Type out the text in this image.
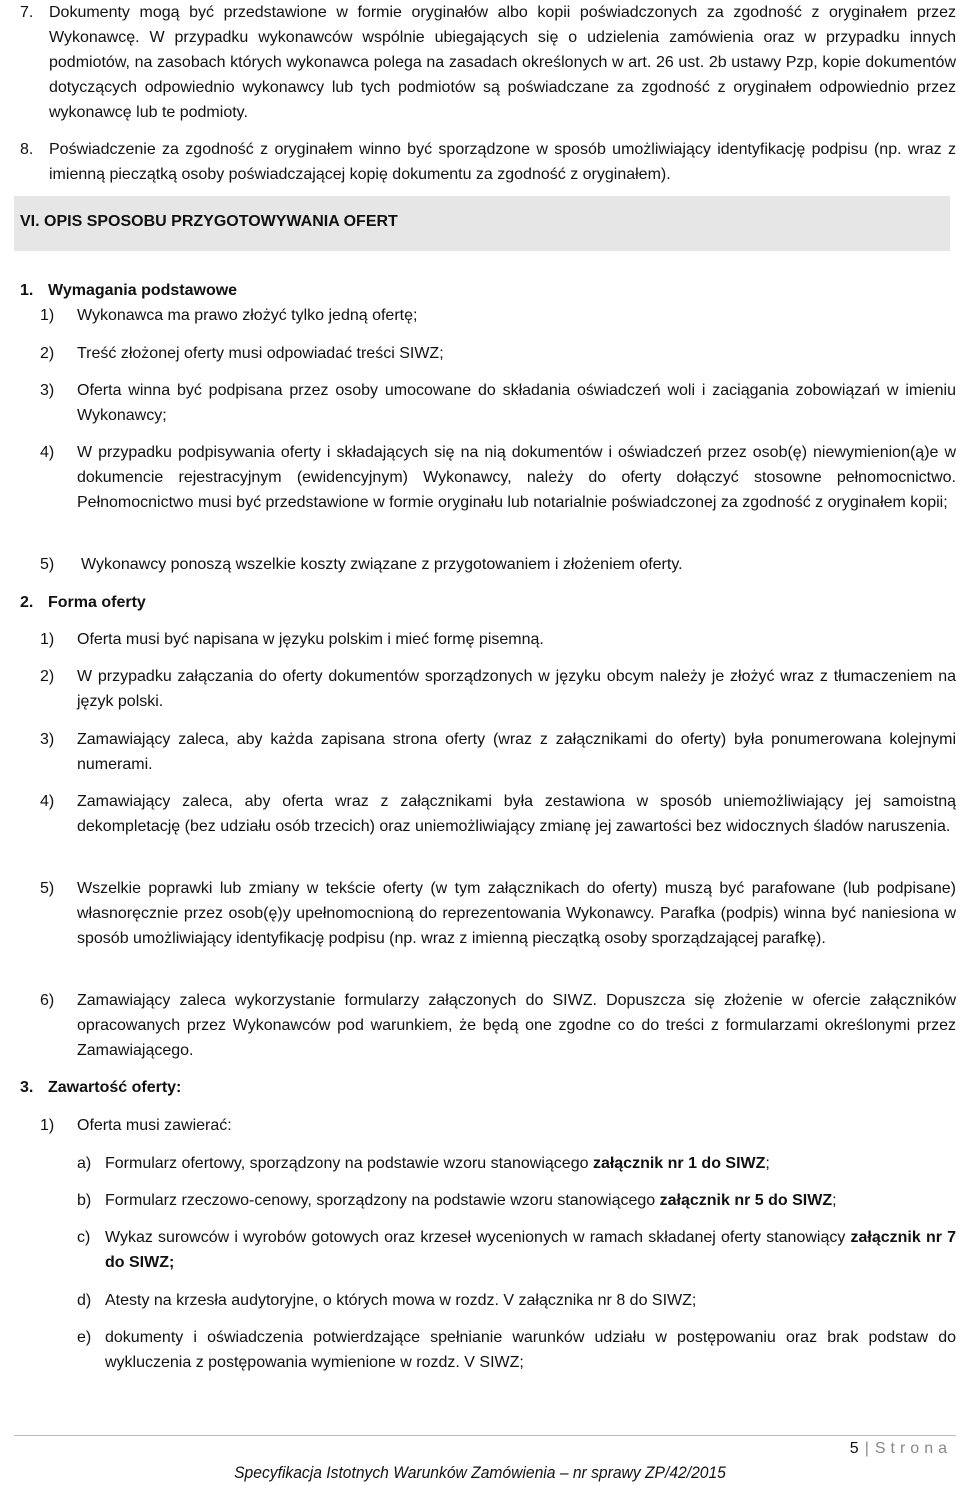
7. Dokumenty mogą być przedstawione w formie oryginałów albo kopii poświadczonych za zgodność z oryginałem przez Wykonawcę. W przypadku wykonawców wspólnie ubiegających się o udzielenia zamówienia oraz w przypadku innych podmiotów, na zasobach których wykonawca polega na zasadach określonych w art. 26 ust. 2b ustawy Pzp, kopie dokumentów dotyczących odpowiednio wykonawcy lub tych podmiotów są poświadczane za zgodność z oryginałem odpowiednio przez wykonawcę lub te podmioty.
8. Poświadczenie za zgodność z oryginałem winno być sporządzone w sposób umożliwiający identyfikację podpisu (np. wraz z imienną pieczątką osoby poświadczającej kopię dokumentu za zgodność z oryginałem).
VI. OPIS SPOSOBU PRZYGOTOWYWANIA OFERT
1. Wymagania podstawowe
1) Wykonawca ma prawo złożyć tylko jedną ofertę;
2) Treść złożonej oferty musi odpowiadać treści SIWZ;
3) Oferta winna być podpisana przez osoby umocowane do składania oświadczeń woli i zaciągania zobowiązań w imieniu Wykonawcy;
4) W przypadku podpisywania oferty i składających się na nią dokumentów i oświadczeń przez osob(ę) niewymienion(ą)e w dokumencie rejestracyjnym (ewidencyjnym) Wykonawcy, należy do oferty dołączyć stosowne pełnomocnictwo. Pełnomocnictwo musi być przedstawione w formie oryginału lub notarialnie poświadczonej za zgodność z oryginałem kopii;
5) Wykonawcy ponoszą wszelkie koszty związane z przygotowaniem i złożeniem oferty.
2. Forma oferty
1) Oferta musi być napisana w języku polskim i mieć formę pisemną.
2) W przypadku załączania do oferty dokumentów sporządzonych w języku obcym należy je złożyć wraz z tłumaczeniem na język polski.
3) Zamawiający zaleca, aby każda zapisana strona oferty (wraz z załącznikami do oferty) była ponumerowana kolejnymi numerami.
4) Zamawiający zaleca, aby oferta wraz z załącznikami była zestawiona w sposób uniemożliwiający jej samoistną dekompletację (bez udziału osób trzecich) oraz uniemożliwiający zmianę jej zawartości bez widocznych śladów naruszenia.
5) Wszelkie poprawki lub zmiany w tekście oferty (w tym załącznikach do oferty) muszą być parafowane (lub podpisane) własnoręcznie przez osob(ę)y upełnomocnioną do reprezentowania Wykonawcy. Parafka (podpis) winna być naniesiona w sposób umożliwiający identyfikację podpisu (np. wraz z imienną pieczątką osoby sporządzającej parafkę).
6) Zamawiający zaleca wykorzystanie formularzy załączonych do SIWZ. Dopuszcza się złożenie w ofercie załączników opracowanych przez Wykonawców pod warunkiem, że będą one zgodne co do treści z formularzami określonymi przez Zamawiającego.
3. Zawartość oferty:
1) Oferta musi zawierać:
a) Formularz ofertowy, sporządzony na podstawie wzoru stanowiącego załącznik nr 1 do SIWZ;
b) Formularz rzeczowo-cenowy, sporządzony na podstawie wzoru stanowiącego załącznik nr 5 do SIWZ;
c) Wykaz surowców i wyrobów gotowych oraz krzeseł wycenionych w ramach składanej oferty stanowiący załącznik nr 7 do SIWZ;
d) Atesty na krzesła audytoryjne, o których mowa w rozdz. V załącznika nr 8 do SIWZ;
e) dokumenty i oświadczenia potwierdzające spełnianie warunków udziału w postępowaniu oraz brak podstaw do wykluczenia z postępowania wymienione w rozdz. V SIWZ;
5 | Strona
Specyfikacja Istotnych Warunków Zamówienia – nr sprawy ZP/42/2015
